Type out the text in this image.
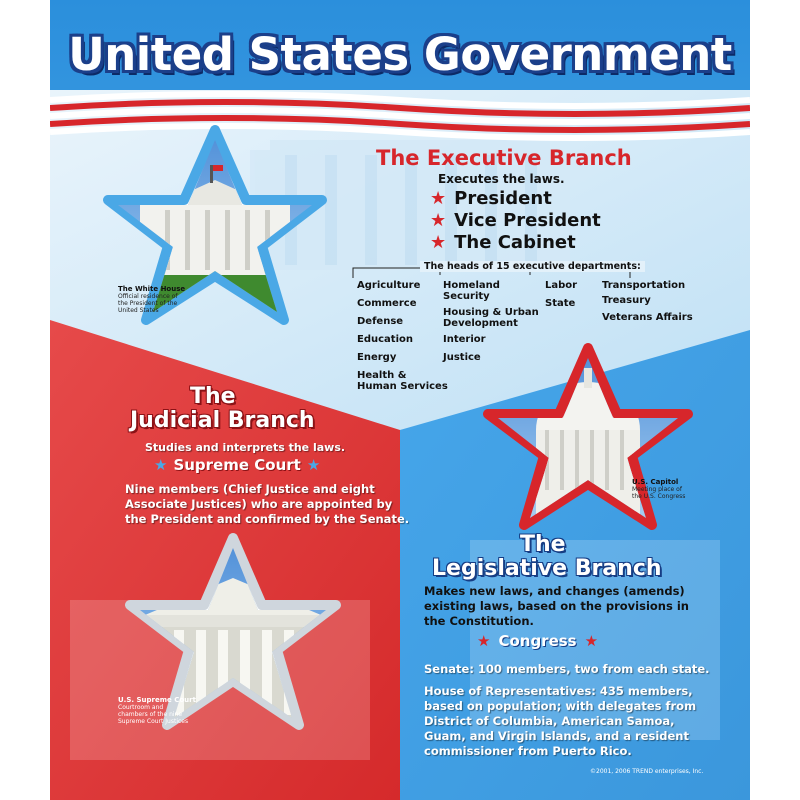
United States Government
The Executive Branch
Executes the laws.
★ President
★ Vice President
★ The Cabinet
The heads of 15 executive departments:
Agriculture
Commerce
Defense
Education
Energy
Health &
Human Services
Homeland
Security
Housing & Urban
Development
Interior
Justice
Labor
State
Transportation
Treasury
Veterans Affairs
The White House
Official residence of
the President of the
United States
The
Judicial Branch
Studies and interprets the laws.
★ Supreme Court ★
Nine members (Chief Justice and eight
Associate Justices) who are appointed by
the President and confirmed by the Senate.
U.S. Supreme Court
Courtroom and
chambers of the nine
Supreme Court Justices
U.S. Capitol
Meeting place of
the U.S. Congress
The
Legislative Branch
Makes new laws, and changes (amends)
existing laws, based on the provisions in
the Constitution.
★ Congress ★
Senate: 100 members, two from each state.
House of Representatives: 435 members,
based on population; with delegates from
District of Columbia, American Samoa,
Guam, and Virgin Islands, and a resident
commissioner from Puerto Rico.
©2001, 2006 TREND enterprises, Inc.
